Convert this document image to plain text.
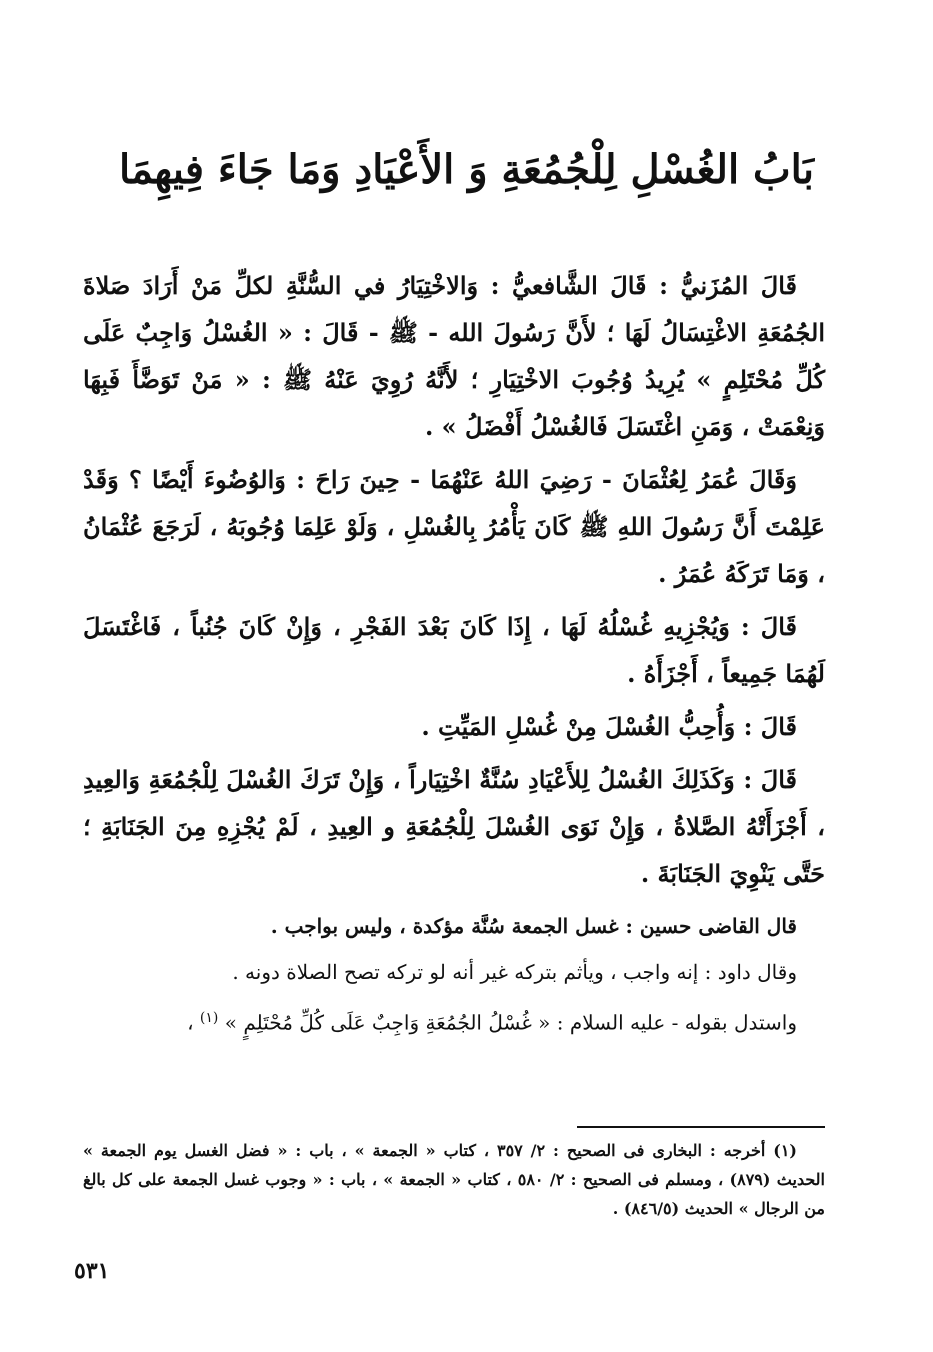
بَابُ الغُسْلِ لِلْجُمُعَةِ وَ الأَعْيَادِ وَمَا جَاءَ فِيهِمَا

قَالَ المُزَنيُّ : قَالَ الشَّافعيُّ : وَالاخْتِيَارُ في السُّنَّةِ لكلِّ مَنْ أَرَادَ صَلاةَ الجُمُعَةِ الاغْتِسَالُ لَهَا ؛ لأَنَّ رَسُولَ الله - ﷺ - قَالَ : « الغُسْلُ وَاجِبٌ عَلَى كُلِّ مُحْتَلِمٍ » يُرِيدُ وُجُوبَ الاخْتِيَارِ ؛ لأَنَّهُ رُوِيَ عَنْهُ ﷺ : « مَنْ تَوَضَّأَ فَبِهَا وَنِعْمَتْ ، وَمَنِ اغْتَسَلَ فَالغُسْلُ أَفْضَلُ » .

وَقَالَ عُمَرُ لِعُثْمَانَ - رَضِيَ اللهُ عَنْهُمَا - حِينَ رَاحَ : وَالوُضُوءَ أَيْضًا ؟ وَقَدْ عَلِمْتَ أَنَّ رَسُولَ اللهِ ﷺ كَانَ يَأْمُرُ بِالغُسْلِ ، وَلَوْ عَلِمَا وُجُوبَهُ ، لَرَجَعَ عُثْمَانُ ، وَمَا تَرَكَهُ عُمَرُ .

قَالَ : وَيُجْزِيهِ غُسْلُهُ لَهَا ، إِذَا كَانَ بَعْدَ الفَجْرِ ، وَإِنْ كَانَ جُنُباً ، فَاغْتَسَلَ لَهُمَا جَمِيعاً ، أَجْزَأَهُ .

قَالَ : وَأُحِبُّ الغُسْلَ مِنْ غُسْلِ المَيِّتِ .

قَالَ : وَكَذَلِكَ الغُسْلُ لِلأَعْيَادِ سُنَّةٌ اخْتِيَاراً ، وَإِنْ تَرَكَ الغُسْلَ لِلْجُمُعَةِ وَالعِيدِ ، أَجْزَأَتْهُ الصَّلاةُ ، وَإِنْ نَوَى الغُسْلَ لِلْجُمُعَةِ و العِيدِ ، لَمْ يُجْزِهِ مِنَ الجَنَابَةِ ؛ حَتَّى يَنْوِيَ الجَنَابَةَ .

قال القاضى حسين : غسل الجمعة سُنَّة مؤكدة ، وليس بواجب .

وقال داود : إنه واجب ، ويأثم بتركه غير أنه لو تركه تصح الصلاة دونه .

واستدل بقوله - عليه السلام : « غُسْلُ الجُمُعَةِ وَاجِبٌ عَلَى كُلِّ مُحْتَلِمٍ » $^{(١)}$ ،

(١) أخرجه : البخارى فى الصحيح : ٢/ ٣٥٧ ، كتاب « الجمعة » ، باب : « فضل الغسل يوم الجمعة » الحديث (٨٧٩) ، ومسلم فى الصحيح : ٢/ ٥٨٠ ، كتاب « الجمعة » ، باب : « وجوب غسل الجمعة على كل بالغ من الرجال » الحديث (٨٤٦/٥) .
٥٣١
